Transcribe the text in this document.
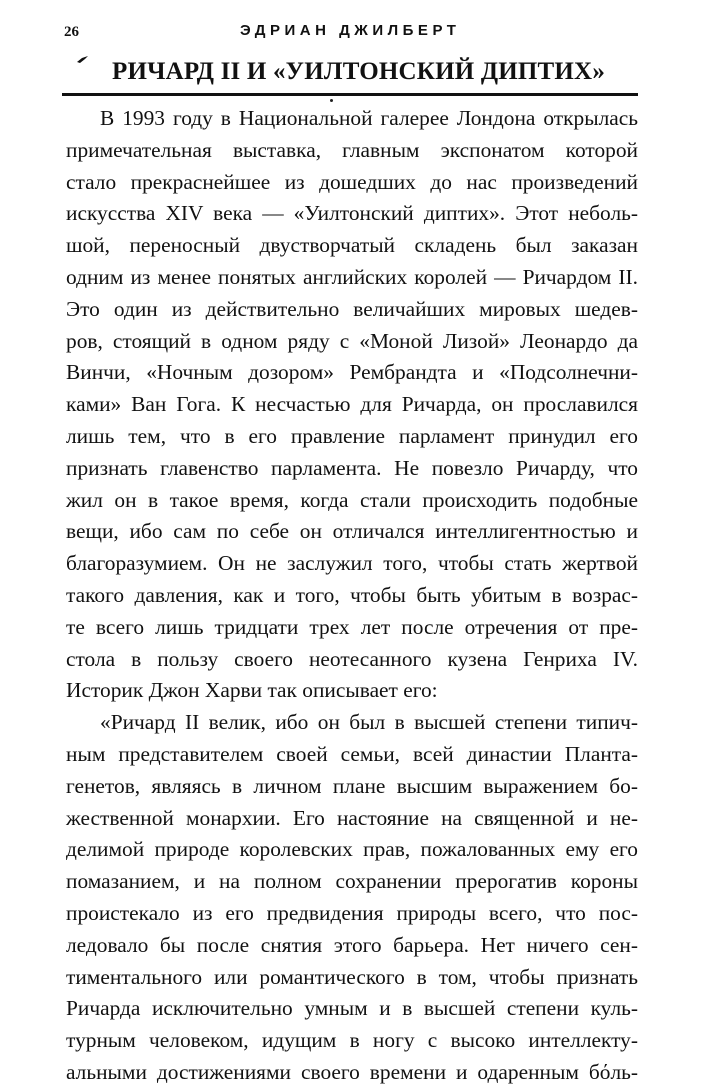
26	ЭДРИАН ДЖИЛБЕРТ
РИЧАРД II И «УИЛТОНСКИЙ ДИПТИХ»
В 1993 году в Национальной галерее Лондона открылась
примечательная выставка, главным экспонатом которой
стало прекраснейшее из дошедших до нас произведений
искусства XIV века — «Уилтонский диптих». Этот неболь-
шой, переносный двустворчатый складень был заказан
одним из менее понятых английских королей — Ричардом II.
Это один из действительно величайших мировых шедев-
ров, стоящий в одном ряду с «Моной Лизой» Леонардо да
Винчи, «Ночным дозором» Рембрандта и «Подсолнечни-
ками» Ван Гога. К несчастью для Ричарда, он прославился
лишь тем, что в его правление парламент принудил его
признать главенство парламента. Не повезло Ричарду, что
жил он в такое время, когда стали происходить подобные
вещи, ибо сам по себе он отличался интеллигентностью и
благоразумием. Он не заслужил того, чтобы стать жертвой
такого давления, как и того, чтобы быть убитым в возрас-
те всего лишь тридцати трех лет после отречения от пре-
стола в пользу своего неотесанного кузена Генриха IV.
Историк Джон Харви так описывает его:
«Ричард II велик, ибо он был в высшей степени типич-
ным представителем своей семьи, всей династии Планта-
генетов, являясь в личном плане высшим выражением бо-
жественной монархии. Его настояние на священной и не-
делимой природе королевских прав, пожалованных ему его
помазанием, и на полном сохранении прерогатив короны
проистекало из его предвидения природы всего, что пос-
ледовало бы после снятия этого барьера. Нет ничего сен-
тиментального или романтического в том, чтобы признать
Ричарда исключительно умным и в высшей степени куль-
турным человеком, идущим в ногу с высоко интеллекту-
альными достижениями своего времени и одаренным бόль-
